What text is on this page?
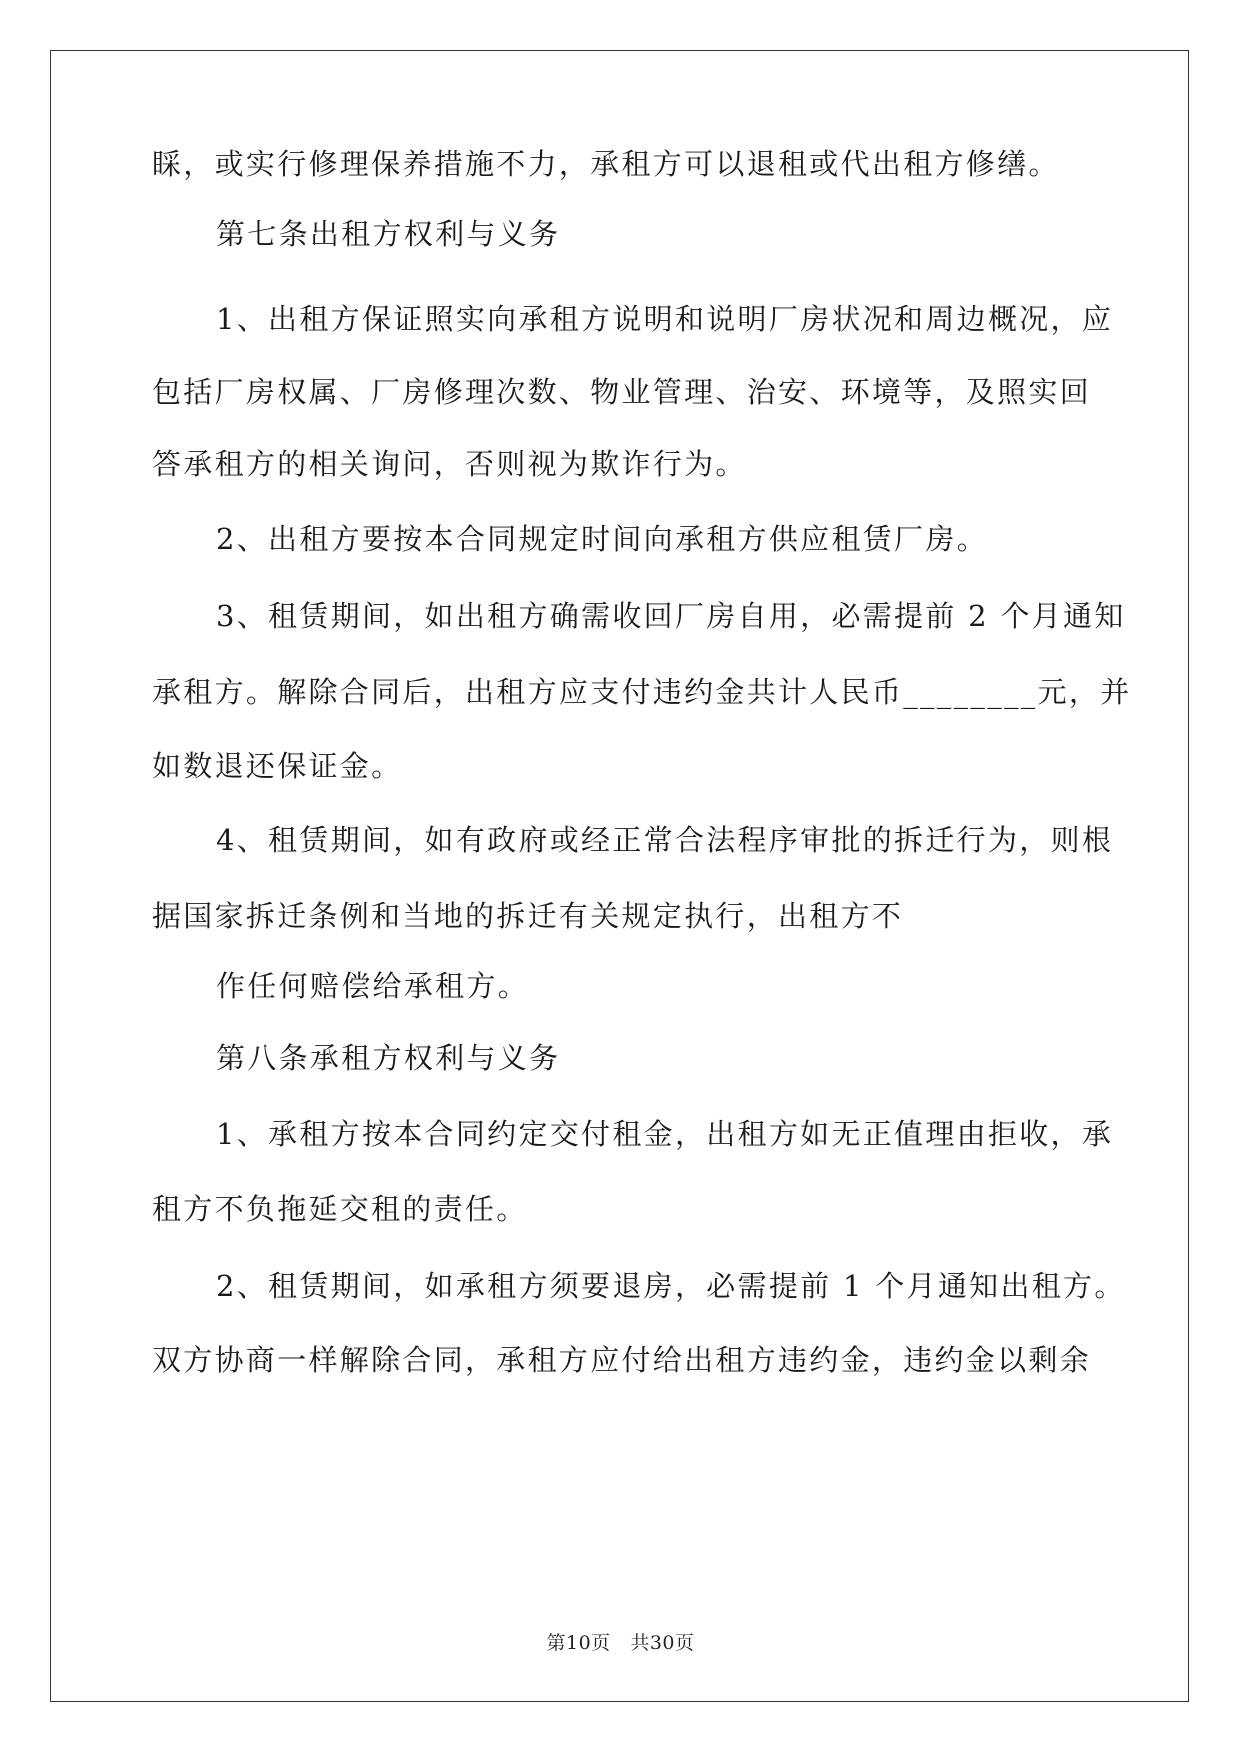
睬，或实行修理保养措施不力，承租方可以退租或代出租方修缮。
第七条出租方权利与义务
1、出租方保证照实向承租方说明和说明厂房状况和周边概况，应
包括厂房权属、厂房修理次数、物业管理、治安、环境等，及照实回
答承租方的相关询问，否则视为欺诈行为。
2、出租方要按本合同规定时间向承租方供应租赁厂房。
3、租赁期间，如出租方确需收回厂房自用，必需提前 2 个月通知
承租方。解除合同后，出租方应支付违约金共计人民币________元，并
如数退还保证金。
4、租赁期间，如有政府或经正常合法程序审批的拆迁行为，则根
据国家拆迁条例和当地的拆迁有关规定执行，出租方不
作任何赔偿给承租方。
第八条承租方权利与义务
1、承租方按本合同约定交付租金，出租方如无正值理由拒收，承
租方不负拖延交租的责任。
2、租赁期间，如承租方须要退房，必需提前 1 个月通知出租方。
双方协商一样解除合同，承租方应付给出租方违约金，违约金以剩余
第10页 共30页
